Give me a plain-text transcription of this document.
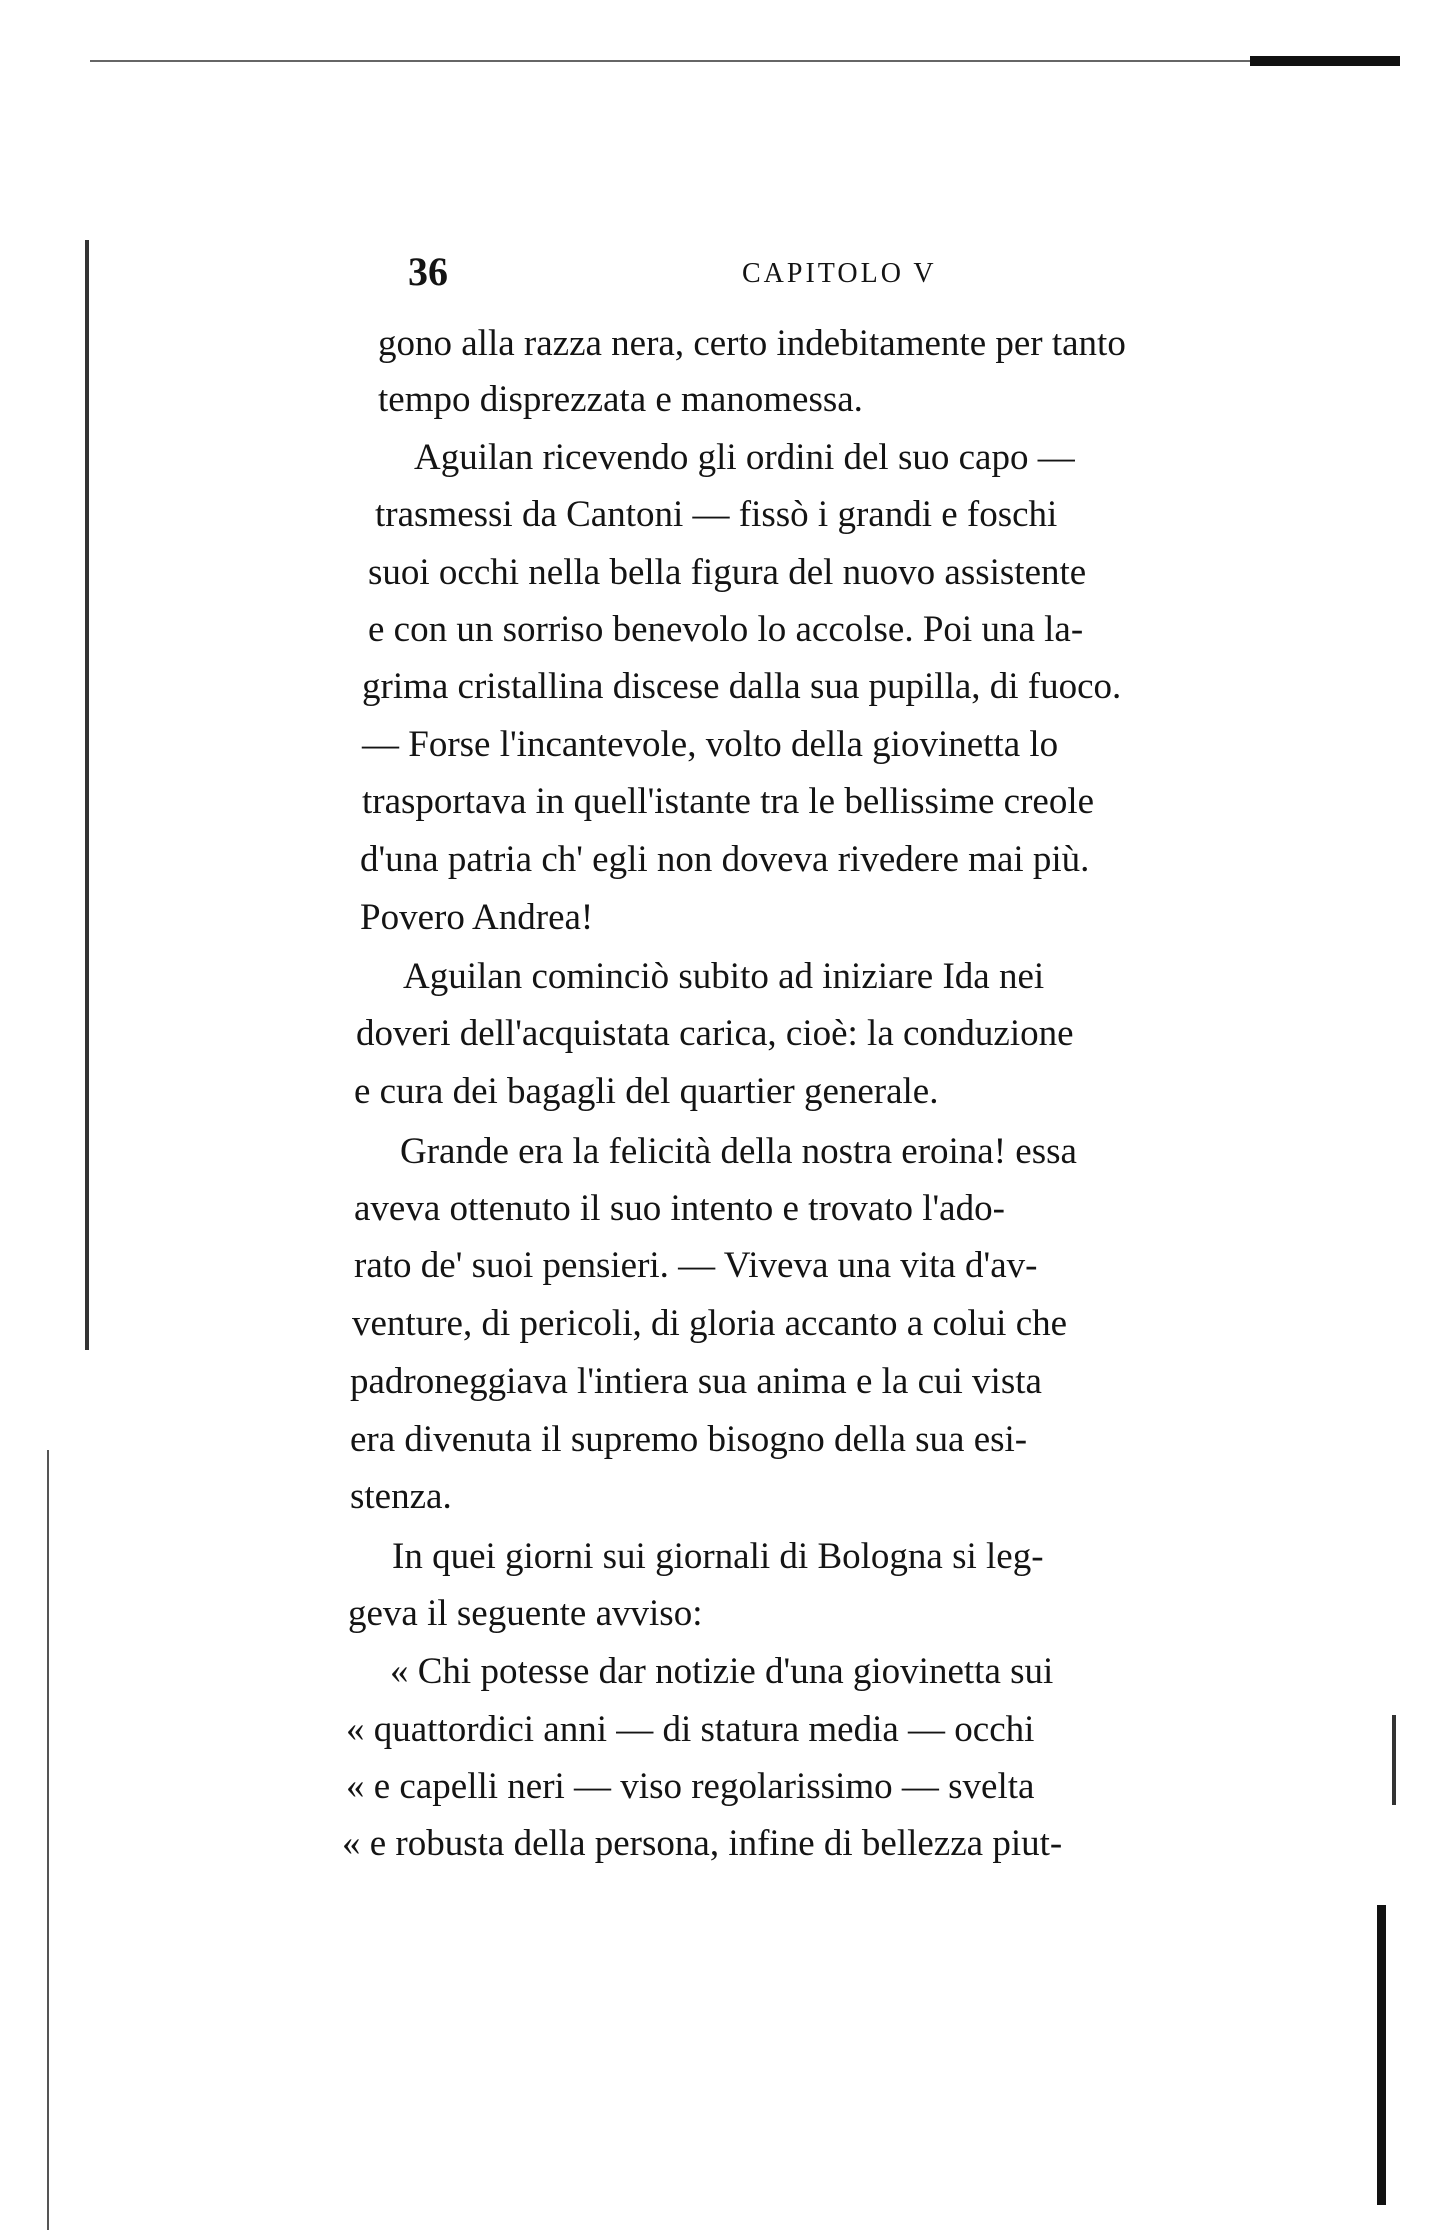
36	CAPITOLO V
gono alla razza nera, certo indebitamente per tanto
tempo disprezzata e manomessa.
Aguilan ricevendo gli ordini del suo capo —
trasmessi da Cantoni — fissò i grandi e foschi
suoi occhi nella bella figura del nuovo assistente
e con un sorriso benevolo lo accolse. Poi una la-
grima cristallina discese dalla sua pupilla, di fuoco.
— Forse l'incantevole, volto della giovinetta lo
trasportava in quell'istante tra le bellissime creole
d'una patria ch' egli non doveva rivedere mai più.
Povero Andrea!
Aguilan cominciò subito ad iniziare Ida nei
doveri dell'acquistata carica, cioè: la conduzione
e cura dei bagagli del quartier generale.
Grande era la felicità della nostra eroina! essa
aveva ottenuto il suo intento e trovato l'ado-
rato de' suoi pensieri. — Viveva una vita d'av-
venture, di pericoli, di gloria accanto a colui che
padroneggiava l'intiera sua anima e la cui vista
era divenuta il supremo bisogno della sua esi-
stenza.
In quei giorni sui giornali di Bologna si leg-
geva il seguente avviso:
« Chi potesse dar notizie d'una giovinetta sui
« quattordici anni — di statura media — occhi
« e capelli neri — viso regolarissimo — svelta
« e robusta della persona, infine di bellezza piut-
